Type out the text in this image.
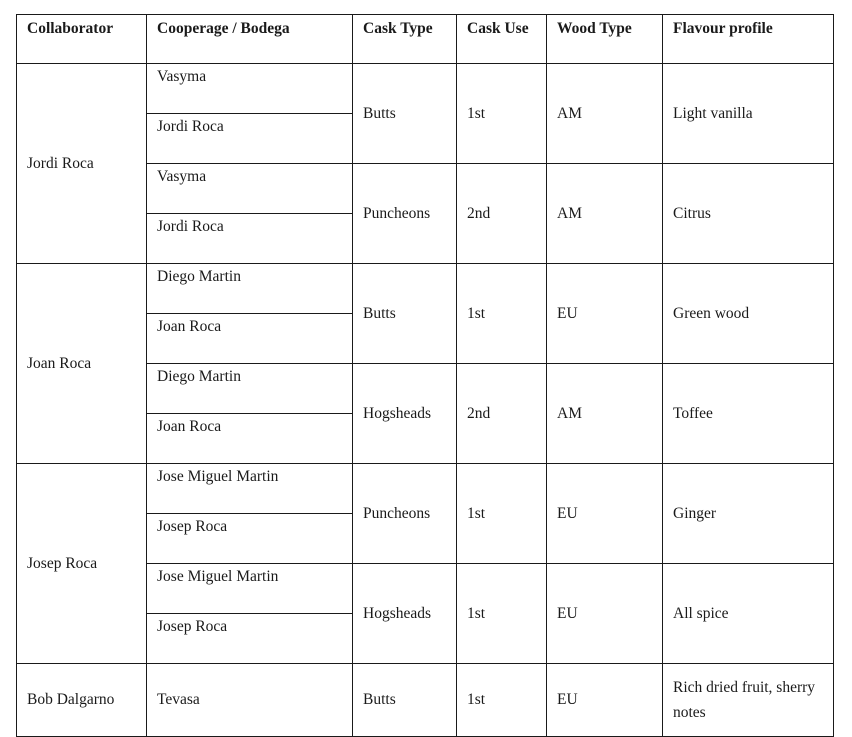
Collaborator	Cooperage / Bodega	Cask Type	Cask Use	Wood Type	Flavour profile
Jordi Roca	Vasyma	Butts	1st	AM	Light vanilla
	Jordi Roca				
	Vasyma	Puncheons	2nd	AM	Citrus
	Jordi Roca				
Joan Roca	Diego Martin	Butts	1st	EU	Green wood
	Joan Roca				
	Diego Martin	Hogsheads	2nd	AM	Toffee
	Joan Roca				
Josep Roca	Jose Miguel Martin	Puncheons	1st	EU	Ginger
	Josep Roca				
	Jose Miguel Martin	Hogsheads	1st	EU	All spice
	Josep Roca				
Bob Dalgarno	Tevasa	Butts	1st	EU	Rich dried fruit, sherry notes
